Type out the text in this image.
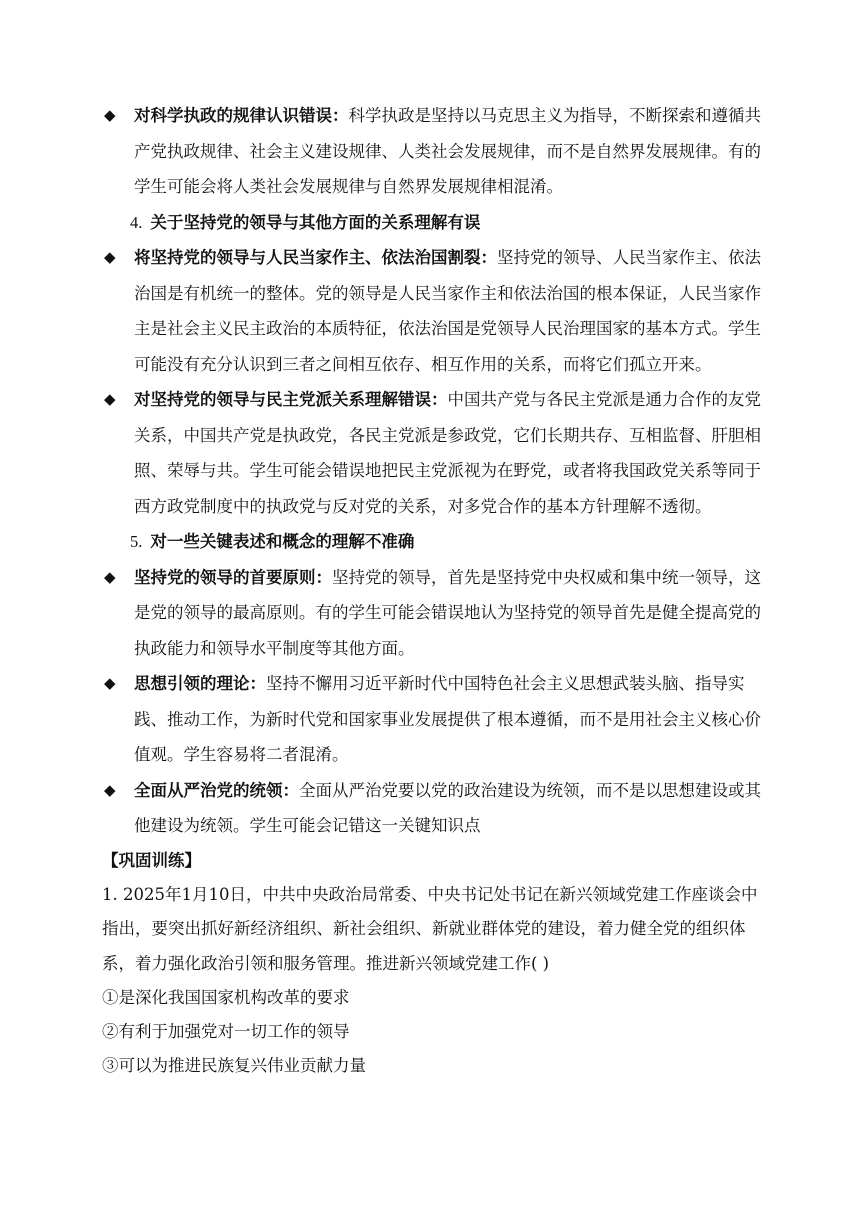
◆	对科学执政的规律认识错误：科学执政是坚持以马克思主义为指导，不断探索和遵循共产党执政规律、社会主义建设规律、人类社会发展规律，而不是自然界发展规律。有的学生可能会将人类社会发展规律与自然界发展规律相混淆。
4. 关于坚持党的领导与其他方面的关系理解有误
◆	将坚持党的领导与人民当家作主、依法治国割裂：坚持党的领导、人民当家作主、依法治国是有机统一的整体。党的领导是人民当家作主和依法治国的根本保证，人民当家作主是社会主义民主政治的本质特征，依法治国是党领导人民治理国家的基本方式。学生可能没有充分认识到三者之间相互依存、相互作用的关系，而将它们孤立开来。
◆	对坚持党的领导与民主党派关系理解错误：中国共产党与各民主党派是通力合作的友党关系，中国共产党是执政党，各民主党派是参政党，它们长期共存、互相监督、肝胆相照、荣辱与共。学生可能会错误地把民主党派视为在野党，或者将我国政党关系等同于西方政党制度中的执政党与反对党的关系，对多党合作的基本方针理解不透彻。
5. 对一些关键表述和概念的理解不准确
◆	坚持党的领导的首要原则：坚持党的领导，首先是坚持党中央权威和集中统一领导，这是党的领导的最高原则。有的学生可能会错误地认为坚持党的领导首先是健全提高党的执政能力和领导水平制度等其他方面。
◆	思想引领的理论：坚持不懈用习近平新时代中国特色社会主义思想武装头脑、指导实践、推动工作，为新时代党和国家事业发展提供了根本遵循，而不是用社会主义核心价值观。学生容易将二者混淆。
◆	全面从严治党的统领：全面从严治党要以党的政治建设为统领，而不是以思想建设或其他建设为统领。学生可能会记错这一关键知识点
【巩固训练】
1. 2025年1月10日，中共中央政治局常委、中央书记处书记在新兴领域党建工作座谈会中指出，要突出抓好新经济组织、新社会组织、新就业群体党的建设，着力健全党的组织体系，着力强化政治引领和服务管理。推进新兴领域党建工作( )
①是深化我国国家机构改革的要求
②有利于加强党对一切工作的领导
③可以为推进民族复兴伟业贡献力量
